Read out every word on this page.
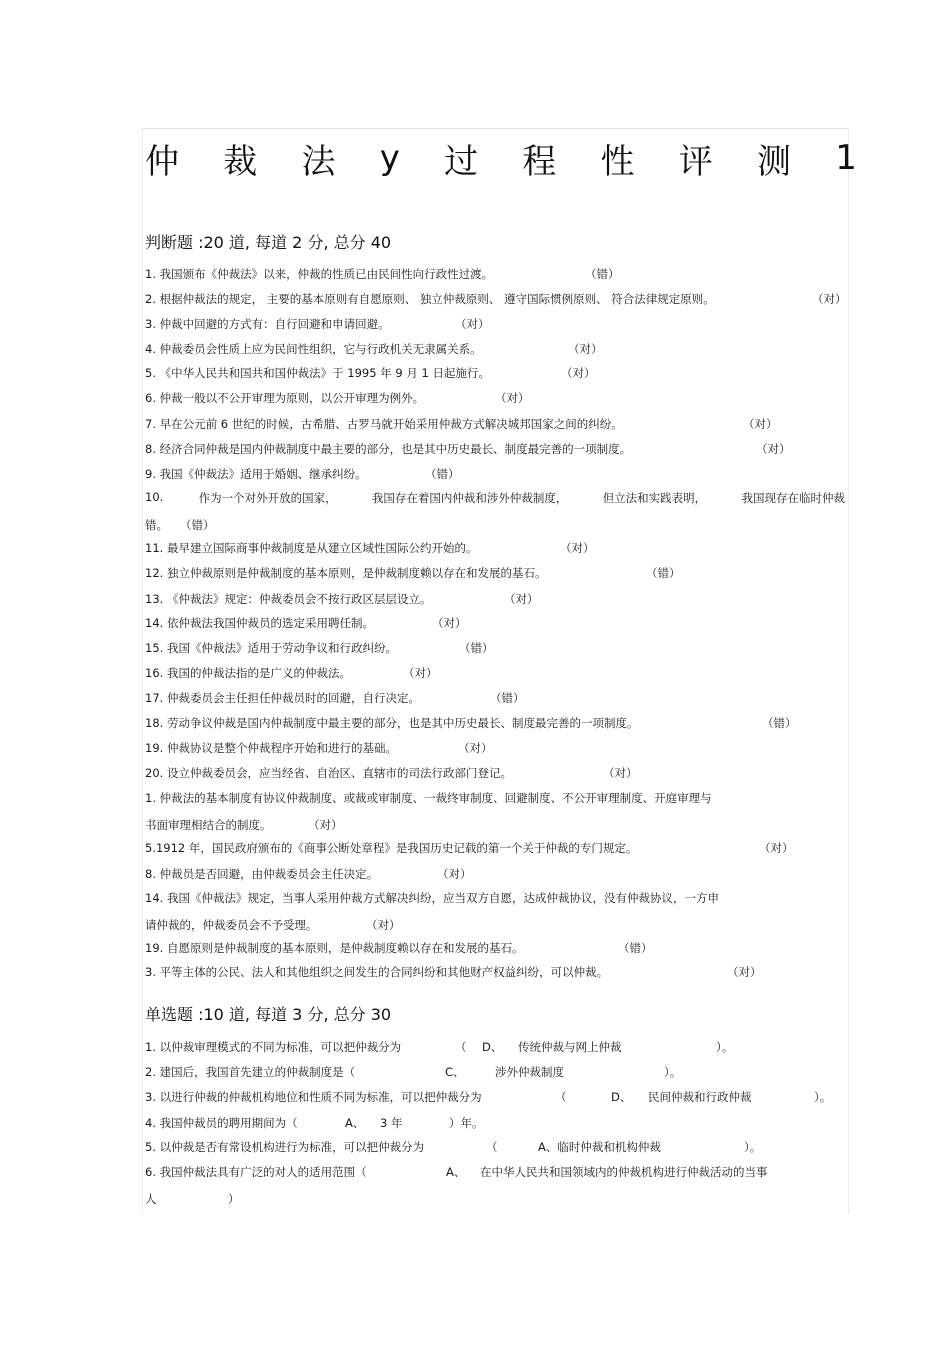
仲 裁 法 y 过 程 性 评 测 1
判断题 :20 道, 每道 2 分, 总分 40
1. 我国颁布《仲裁法》以来，仲裁的性质已由民间性向行政性过渡。	（错）
2. 根据仲裁法的规定， 主要的基本原则有自愿原则、 独立仲裁原则、 遵守国际惯例原则、 符合法律规定原则。	（对）
3. 仲裁中回避的方式有：自行回避和申请回避。	（对）
4. 仲裁委员会性质上应为民间性组织，它与行政机关无隶属关系。	（对）
5. 《中华人民共和国共和国仲裁法》于 1995 年 9 月 1 日起施行。	（对）
6. 仲裁一般以不公开审理为原则，以公开审理为例外。	（对）
7. 早在公元前 6 世纪的时候，古希腊、古罗马就开始采用仲裁方式解决城邦国家之间的纠纷。	（对）
8. 经济合同仲裁是国内仲裁制度中最主要的部分，也是其中历史最长、制度最完善的一项制度。	（对）
9. 我国《仲裁法》适用于婚姻、继承纠纷。	（错）
10.	作为一个对外开放的国家，	我国存在着国内仲裁和涉外仲裁制度，	但立法和实践表明，	我国现存在临时仲裁
错。 （错）
11. 最早建立国际商事仲裁制度是从建立区域性国际公约开始的。	（对）
12. 独立仲裁原则是仲裁制度的基本原则，是仲裁制度赖以存在和发展的基石。	（错）
13. 《仲裁法》规定：仲裁委员会不按行政区层层设立。	（对）
14. 依仲裁法我国仲裁员的选定采用聘任制。	（对）
15. 我国《仲裁法》适用于劳动争议和行政纠纷。	（错）
16. 我国的仲裁法指的是广义的仲裁法。	（对）
17. 仲裁委员会主任担任仲裁员时的回避，自行决定。	（错）
18. 劳动争议仲裁是国内仲裁制度中最主要的部分，也是其中历史最长、制度最完善的一项制度。	（错）
19. 仲裁协议是整个仲裁程序开始和进行的基础。	（对）
20. 设立仲裁委员会，应当经省、自治区、直辖市的司法行政部门登记。	（对）
1. 仲裁法的基本制度有协议仲裁制度、或裁或审制度、一裁终审制度、回避制度、不公开审理制度、开庭审理与
书面审理相结合的制度。	（对）
5.1912 年，国民政府颁布的《商事公断处章程》是我国历史记载的第一个关于仲裁的专门规定。	（对）
8. 仲裁员是否回避，由仲裁委员会主任决定。	（对）
14. 我国《仲裁法》规定，当事人采用仲裁方式解决纠纷，应当双方自愿，达成仲裁协议，没有仲裁协议，一方申
请仲裁的，仲裁委员会不予受理。	（对）
19. 自愿原则是仲裁制度的基本原则，是仲裁制度赖以存在和发展的基石。	（错）
3. 平等主体的公民、法人和其他组织之间发生的合同纠纷和其他财产权益纠纷，可以仲裁。	（对）
单选题 :10 道, 每道 3 分, 总分 30
1. 以仲裁审理模式的不同为标准，可以把仲裁分为	（ D、 传统仲裁与网上仲裁	）。
2. 建国后，我国首先建立的仲裁制度是（	C、	涉外仲裁制度	）。
3. 以进行仲裁的仲裁机构地位和性质不同为标准，可以把仲裁分为	（	D、 民间仲裁和行政仲裁	）。
4. 我国仲裁员的聘用期间为（	A、 3 年	）年。
5. 以仲裁是否有常设机构进行为标准，可以把仲裁分为	（	A、临时仲裁和机构仲裁	）。
6. 我国仲裁法具有广泛的对人的适用范围（	A、 在中华人民共和国领域内的仲裁机构进行仲裁活动的当事
人	）
